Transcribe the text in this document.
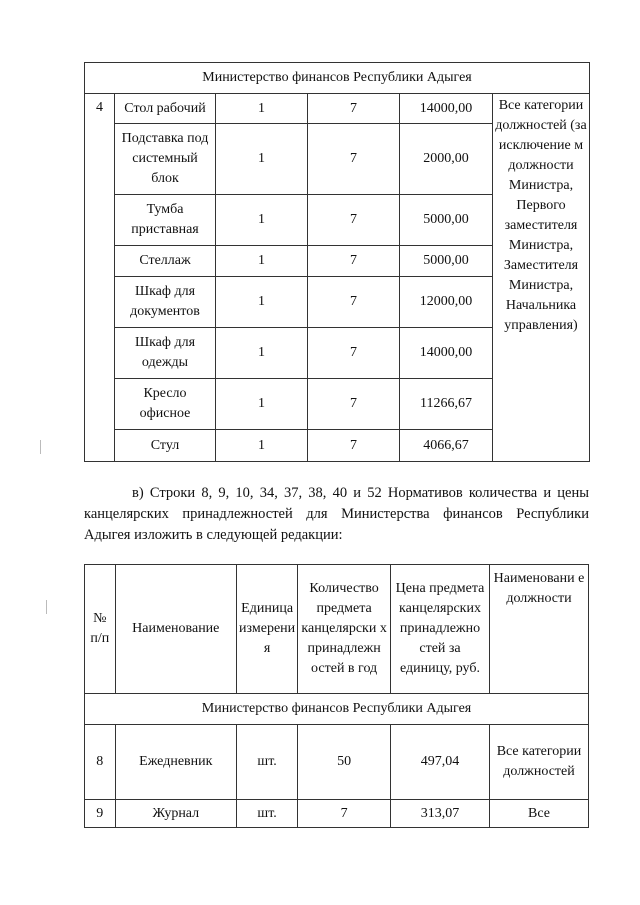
Министерство финансов Республики Адыгея					
4	Стол рабочий	1	7	14000,00	Все категории должностей (за исключение м должности Министра, Первого заместителя Министра, Заместителя Министра, Начальника управления)
	Подставка под системный блок	1	7	2000,00	
	Тумба приставная	1	7	5000,00	
	Стеллаж	1	7	5000,00	
	Шкаф для документов	1	7	12000,00	
	Шкаф для одежды	1	7	14000,00	
	Кресло офисное	1	7	11266,67	
	Стул	1	7	4066,67	

в) Строки 8, 9, 10, 34, 37, 38, 40 и 52 Нормативов количества и цены канцелярских принадлежностей для Министерства финансов Республики Адыгея изложить в следующей редакции:

№ п/п	Наименование	Единица измерени я	Количество предмета канцелярски х принадлежн остей в год	Цена предмета канцелярских принадлежно стей за единицу, руб.	Наименовани е должности
Министерство финансов Республики Адыгея					
8	Ежедневник	шт.	50	497,04	Все категории должностей
9	Журнал	шт.	7	313,07	Все
